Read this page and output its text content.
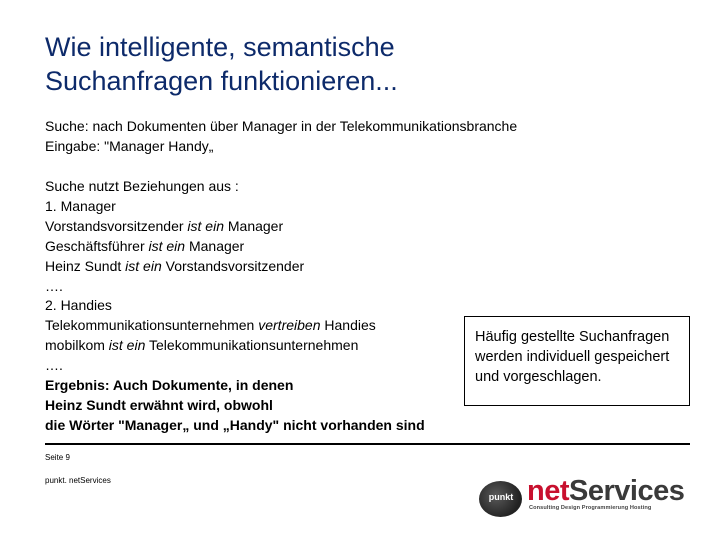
Wie intelligente, semantische
Suchanfragen funktionieren...
Suche: nach Dokumenten über Manager in der Telekommunikationsbranche
Eingabe: "Manager Handy„
Suche nutzt Beziehungen aus :
1. Manager
Vorstandsvorsitzender ist ein Manager
Geschäftsführer ist ein Manager
Heinz Sundt ist ein Vorstandsvorsitzender
….
2. Handies
Telekommunikationsunternehmen vertreiben Handies
mobilkom ist ein Telekommunikationsunternehmen
….
Ergebnis: Auch Dokumente, in denen
Heinz Sundt erwähnt wird, obwohl
die Wörter "Manager„ und „Handy" nicht vorhanden sind
Häufig gestellte Suchanfragen werden individuell gespeichert und vorgeschlagen.
Seite 9
punkt. netServices
punkt netServices
Consulting Design Programmierung Hosting
